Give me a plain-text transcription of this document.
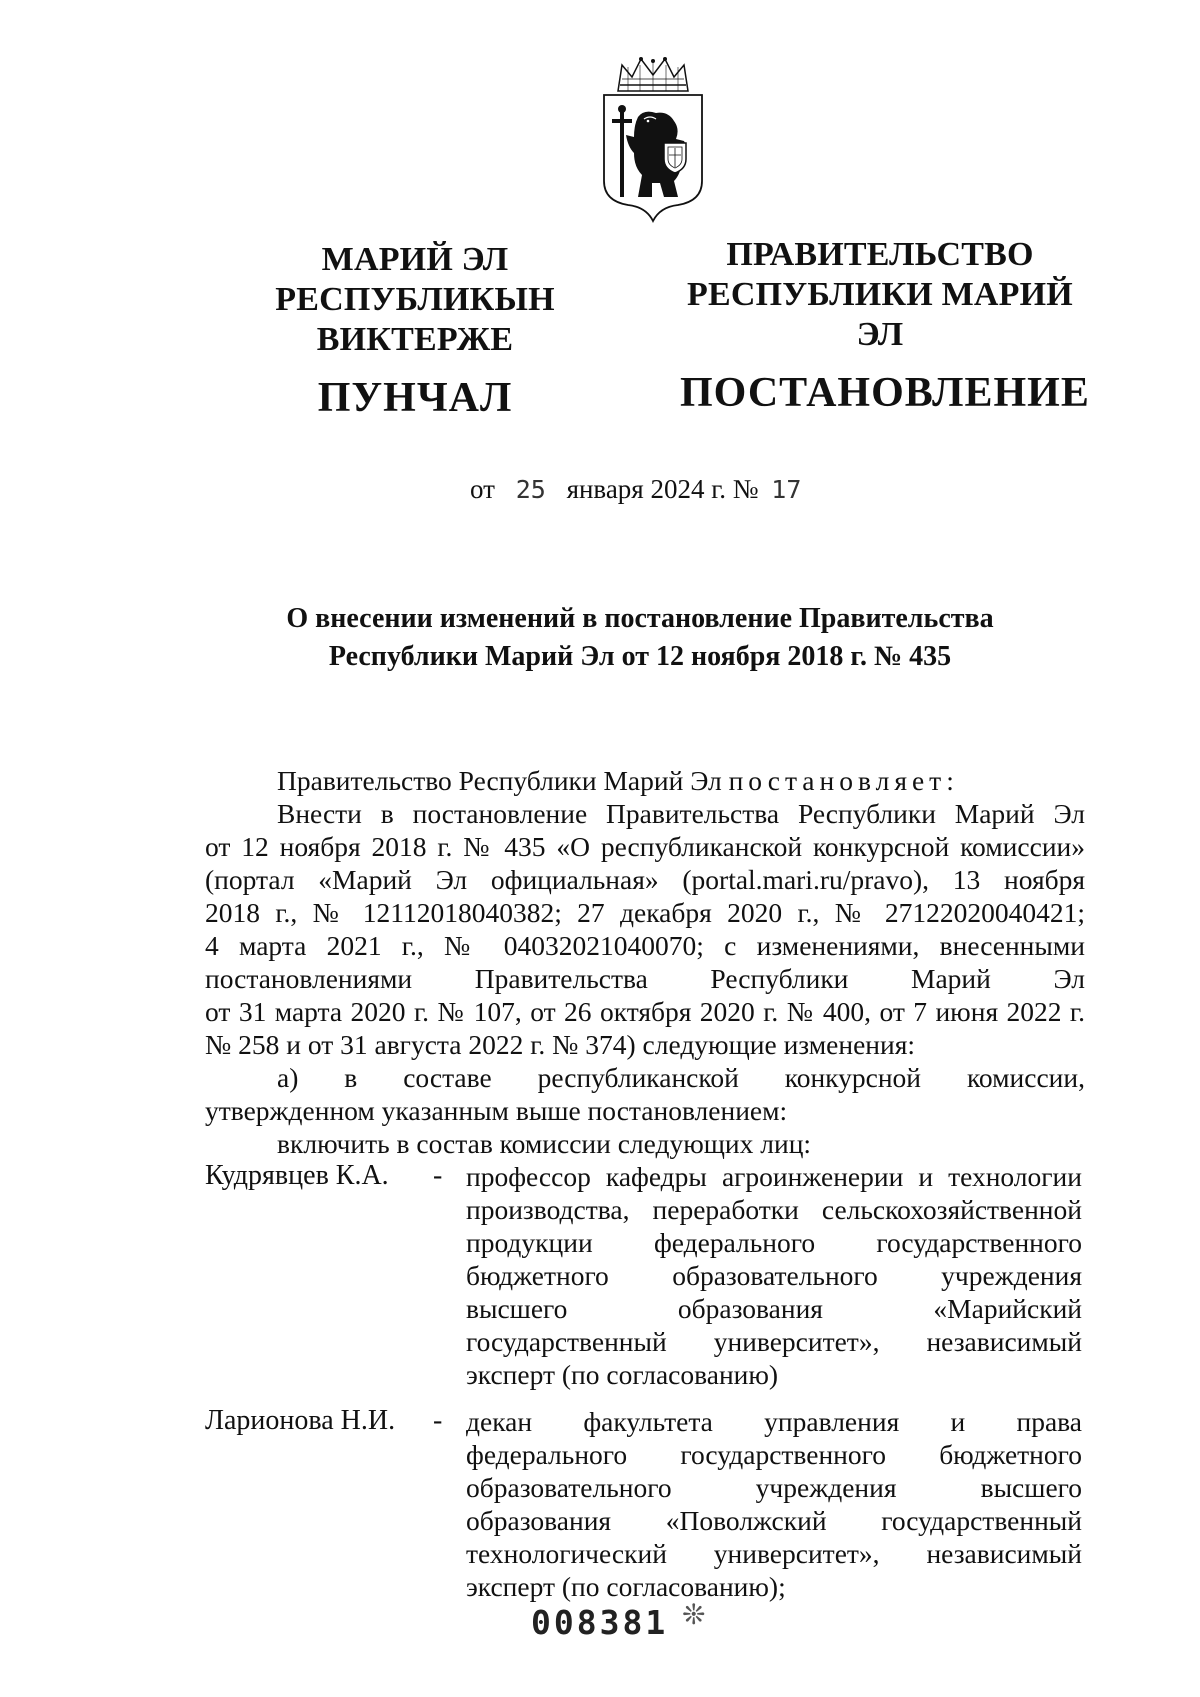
МАРИЙ ЭЛ РЕСПУБЛИКЫН
ВИКТЕРЖЕ
ПУНЧАЛ
ПРАВИТЕЛЬСТВО
РЕСПУБЛИКИ МАРИЙ ЭЛ
ПОСТАНОВЛЕНИЕ
от 25 января 2024 г. № 17
О внесении изменений в постановление Правительства
Республики Марий Эл от 12 ноября 2018 г. № 435
Правительство Республики Марий Эл постановляет:
Внести в постановление Правительства Республики Марий Эл
от 12 ноября 2018 г. № 435 «О республиканской конкурсной комиссии»
(портал «Марий Эл официальная» (portal.mari.ru/pravo), 13 ноября
2018 г., № 12112018040382; 27 декабря 2020 г., № 27122020040421;
4 марта 2021 г., № 04032021040070; с изменениями, внесенными
постановлениями Правительства Республики Марий Эл
от 31 марта 2020 г. № 107, от 26 октября 2020 г. № 400, от 7 июня 2022 г.
№ 258 и от 31 августа 2022 г. № 374) следующие изменения:
а) в составе республиканской конкурсной комиссии,
утвержденном указанным выше постановлением:
включить в состав комиссии следующих лиц:
Кудрявцев К.А. - профессор кафедры агроинженерии и технологии
производства, переработки сельскохозяйственной
продукции федерального государственного
бюджетного образовательного учреждения
высшего образования «Марийский
государственный университет», независимый
эксперт (по согласованию)
Ларионова Н.И. - декан факультета управления и права
федерального государственного бюджетного
образовательного учреждения высшего
образования «Поволжский государственный
технологический университет», независимый
эксперт (по согласованию);
008381 ❊
